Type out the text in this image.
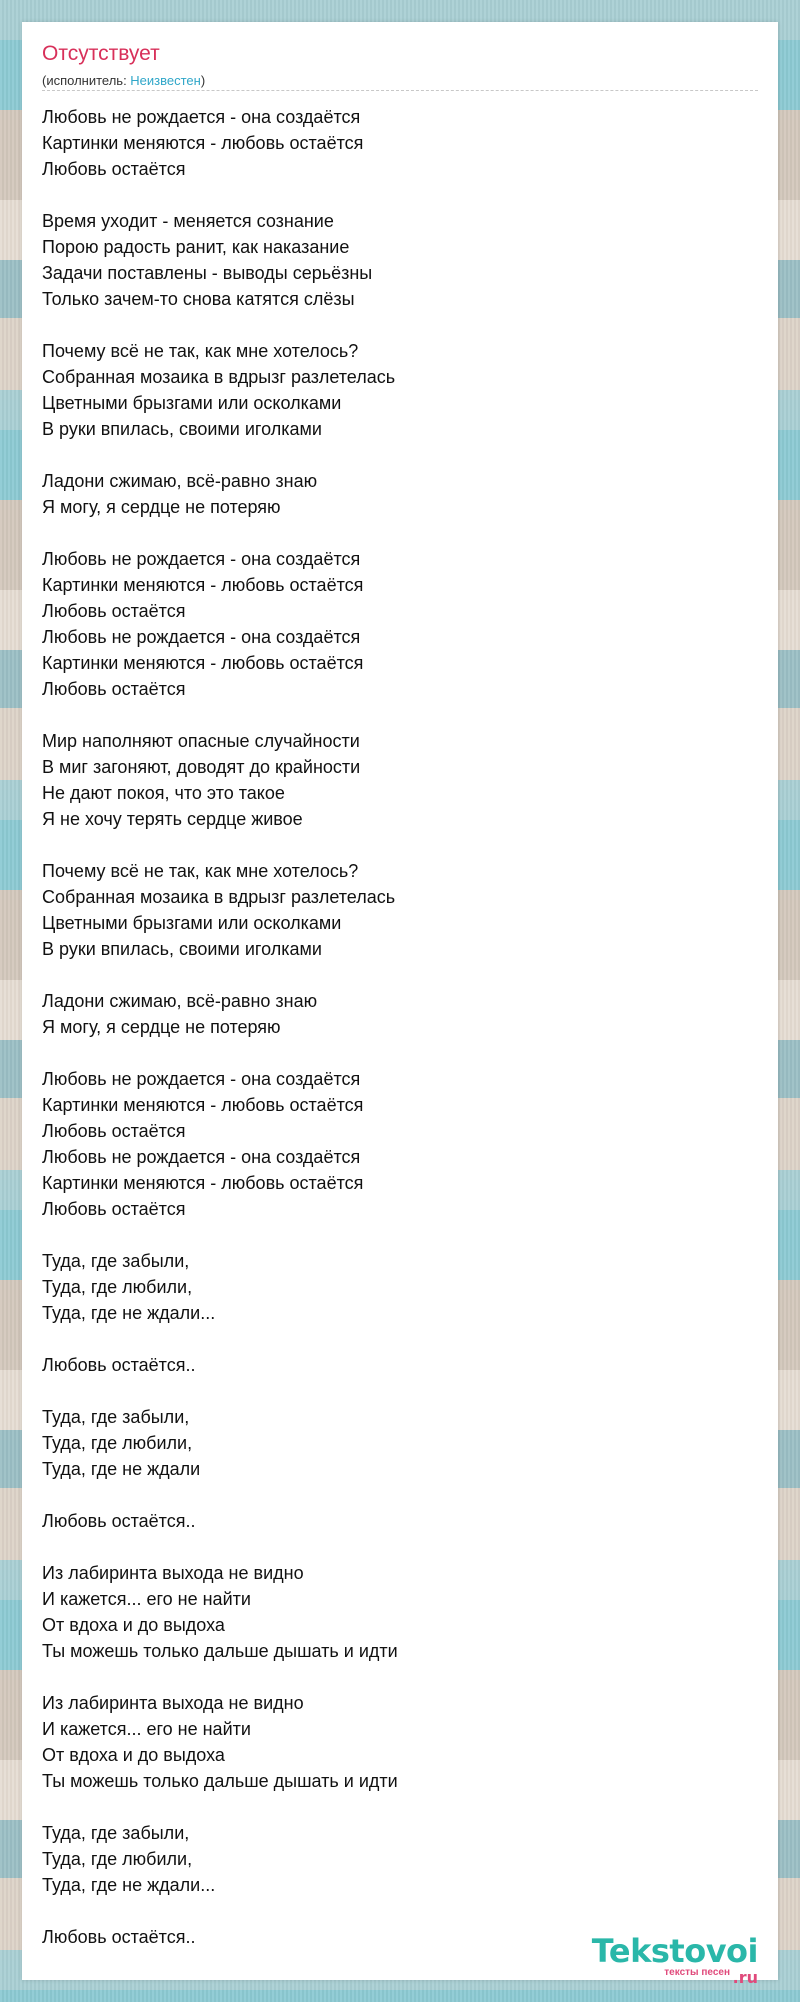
Отсутствует
(исполнитель: Неизвестен)
Любовь не рождается - она создаётся
Картинки меняются - любовь остаётся
Любовь остаётся
Время уходит - меняется сознание
Порою радость ранит, как наказание
Задачи поставлены - выводы серьёзны
Только зачем-то снова катятся слёзы
Почему всё не так, как мне хотелось?
Собранная мозаика в вдрызг разлетелась
Цветными брызгами или осколками
В руки впилась, своими иголками
Ладони сжимаю, всё-равно знаю
Я могу, я сердце не потеряю
Любовь не рождается - она создаётся
Картинки меняются - любовь остаётся
Любовь остаётся
Любовь не рождается - она создаётся
Картинки меняются - любовь остаётся
Любовь остаётся
Мир наполняют опасные случайности
В миг загоняют, доводят до крайности
Не дают покоя, что это такое
Я не хочу терять сердце живое
Почему всё не так, как мне хотелось?
Собранная мозаика в вдрызг разлетелась
Цветными брызгами или осколками
В руки впилась, своими иголками
Ладони сжимаю, всё-равно знаю
Я могу, я сердце не потеряю
Любовь не рождается - она создаётся
Картинки меняются - любовь остаётся
Любовь остаётся
Любовь не рождается - она создаётся
Картинки меняются - любовь остаётся
Любовь остаётся
Туда, где забыли,
Туда, где любили,
Туда, где не ждали...
Любовь остаётся..
Туда, где забыли,
Туда, где любили,
Туда, где не ждали
Любовь остаётся..
Из лабиринта выхода не видно
И кажется... его не найти
От вдоха и до выдоха
Ты можешь только дальше дышать и идти
Из лабиринта выхода не видно
И кажется... его не найти
От вдоха и до выдоха
Ты можешь только дальше дышать и идти
Туда, где забыли,
Туда, где любили,
Туда, где не ждали...
Любовь остаётся..	Tekstovoi.ru
тексты песен
